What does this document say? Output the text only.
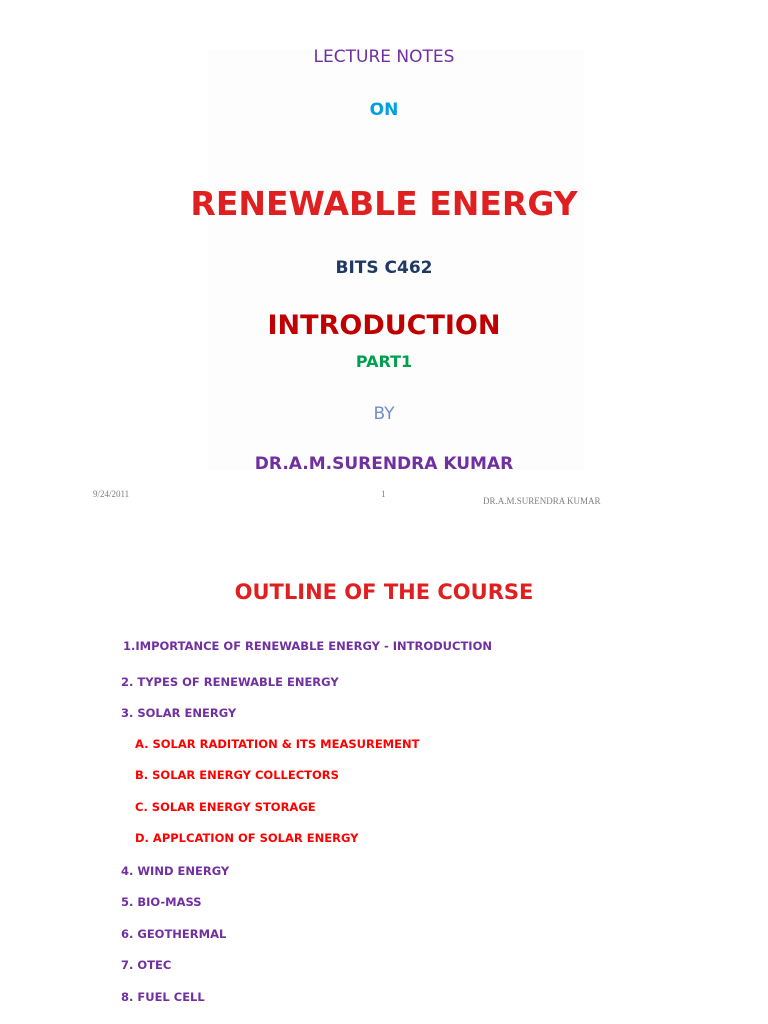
LECTURE NOTES
ON
RENEWABLE ENERGY
BITS C462
INTRODUCTION
PART1
BY
DR.A.M.SURENDRA KUMAR
9/24/2011	1
DR.A.M.SURENDRA KUMAR
OUTLINE OF THE COURSE
1.IMPORTANCE OF RENEWABLE ENERGY - INTRODUCTION
2. TYPES OF RENEWABLE ENERGY
3. SOLAR ENERGY
A. SOLAR RADITATION & ITS MEASUREMENT
B. SOLAR ENERGY COLLECTORS
C. SOLAR ENERGY STORAGE
D. APPLCATION OF SOLAR ENERGY
4. WIND ENERGY
5. BIO-MASS
6. GEOTHERMAL
7. OTEC
8. FUEL CELL
